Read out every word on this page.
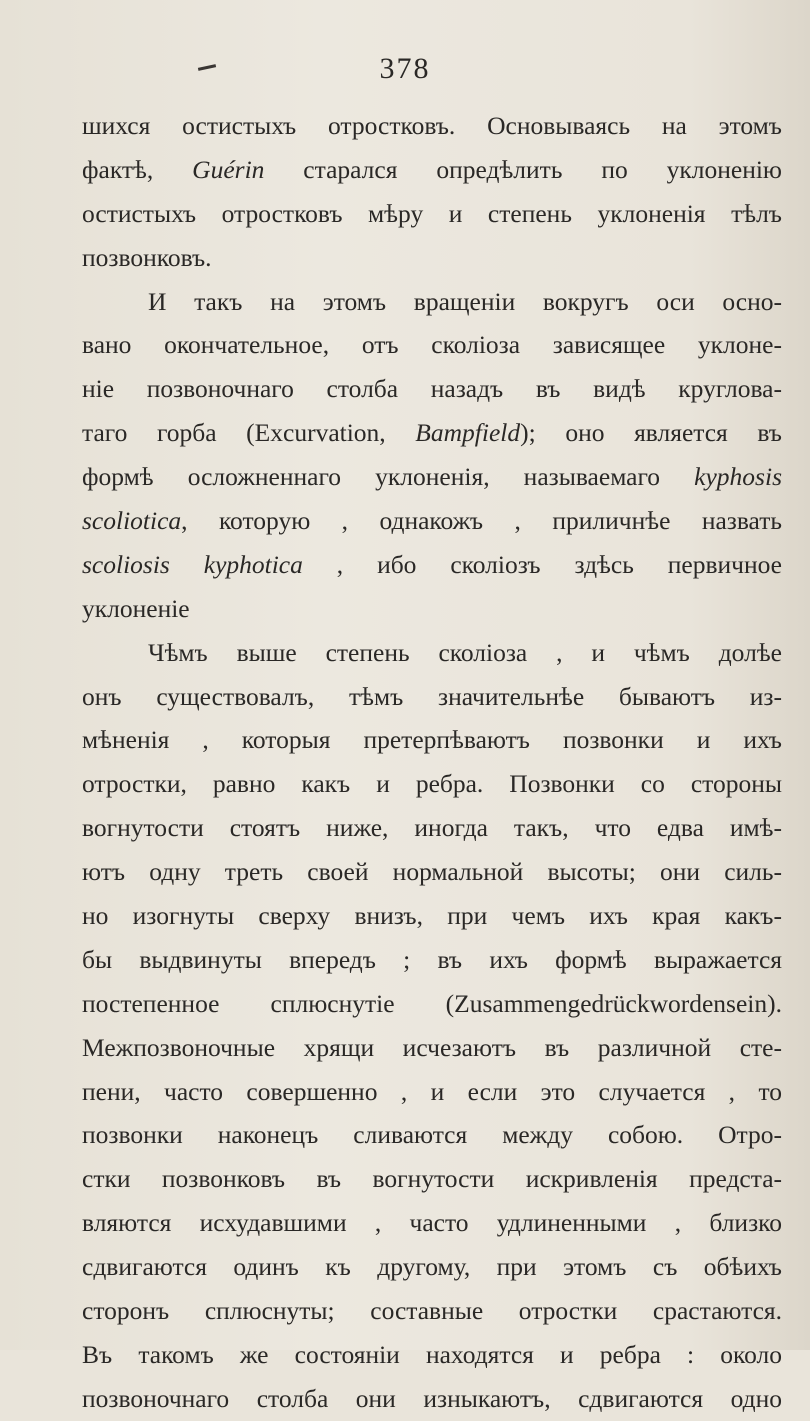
378
шихся остистыхъ отростковъ. Основываясь на этомъ
фактѣ, Guérin старался опредѣлить по уклоненію
остистыхъ отростковъ мѣру и степень уклоненія тѣлъ
позвонковъ.
И такъ на этомъ вращеніи вокругъ оси осно-
вано окончательное, отъ сколіоза зависящее уклоне-
ніе позвоночнаго столба назадъ въ видѣ круглова-
таго горба (Excurvation, Bampfield); оно является въ
формѣ осложненнаго уклоненія, называемаго kyphosis
scoliotica, которую , однакожъ , приличнѣе назвать
scoliosis kyphotica , ибо сколіозъ здѣсь первичное
уклоненіе
Чѣмъ выше степень сколіоза , и чѣмъ долѣе
онъ существовалъ, тѣмъ значительнѣе бываютъ из-
мѣненія , которыя претерпѣваютъ позвонки и ихъ
отростки, равно какъ и ребра. Позвонки со стороны
вогнутости стоятъ ниже, иногда такъ, что едва имѣ-
ютъ одну треть своей нормальной высоты; они силь-
но изогнуты сверху внизъ, при чемъ ихъ края какъ-
бы выдвинуты впередъ ; въ ихъ формѣ выражается
постепенное сплюснутіе (Zusammengedrückwordensein).
Межпозвоночные хрящи исчезаютъ въ различной сте-
пени, часто совершенно , и если это случается , то
позвонки наконецъ сливаются между собою. Отро-
стки позвонковъ въ вогнутости искривленія предста-
вляются исхудавшими , часто удлиненными , близко
сдвигаются одинъ къ другому, при этомъ съ обѣихъ
сторонъ сплюснуты; составные отростки срастаются.
Въ такомъ же состояніи находятся и ребра : около
позвоночнаго столба они изныкаютъ, сдвигаются одно
